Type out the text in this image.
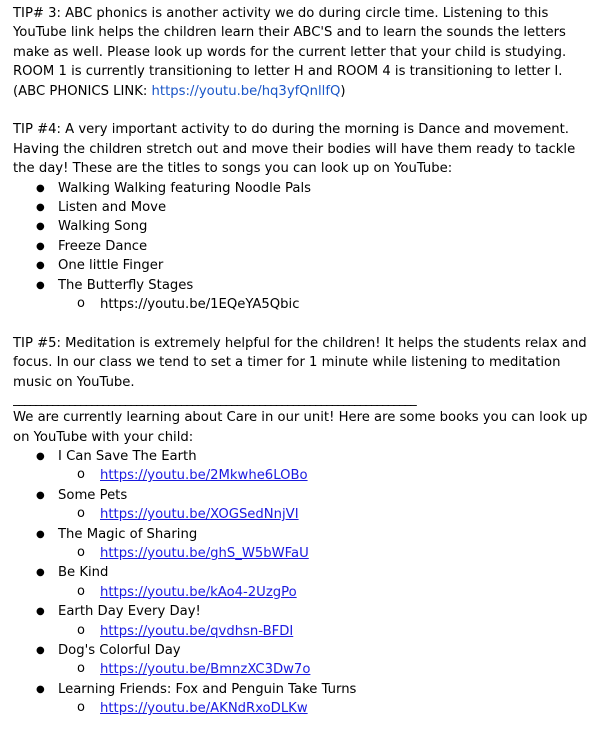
TIP# 3: ABC phonics is another activity we do during circle time. Listening to this YouTube link helps the children learn their ABC'S and to learn the sounds the letters make as well. Please look up words for the current letter that your child is studying. ROOM 1 is currently transitioning to letter H and ROOM 4 is transitioning to letter I. (ABC PHONICS LINK: https://youtu.be/hq3yfQnllfQ)

TIP #4: A very important activity to do during the morning is Dance and movement. Having the children stretch out and move their bodies will have them ready to tackle the day! These are the titles to songs you can look up on YouTube:

● Walking Walking featuring Noodle Pals
● Listen and Move
● Walking Song
● Freeze Dance
● One little Finger
● The Butterfly Stages
o https://youtu.be/1EQeYA5Qbic

TIP #5: Meditation is extremely helpful for the children! It helps the students relax and focus. In our class we tend to set a timer for 1 minute while listening to meditation music on YouTube.

________________________________________________________________________

We are currently learning about Care in our unit! Here are some books you can look up on YouTube with your child:

● I Can Save The Earth
o https://youtu.be/2Mkwhe6LOBo
● Some Pets
o https://youtu.be/XOGSedNnjVI
● The Magic of Sharing
o https://youtu.be/ghS_W5bWFaU
● Be Kind
o https://youtu.be/kAo4-2UzgPo
● Earth Day Every Day!
o https://youtu.be/qvdhsn-BFDI
● Dog's Colorful Day
o https://youtu.be/BmnzXC3Dw7o
● Learning Friends: Fox and Penguin Take Turns
o https://youtu.be/AKNdRxoDLKw
